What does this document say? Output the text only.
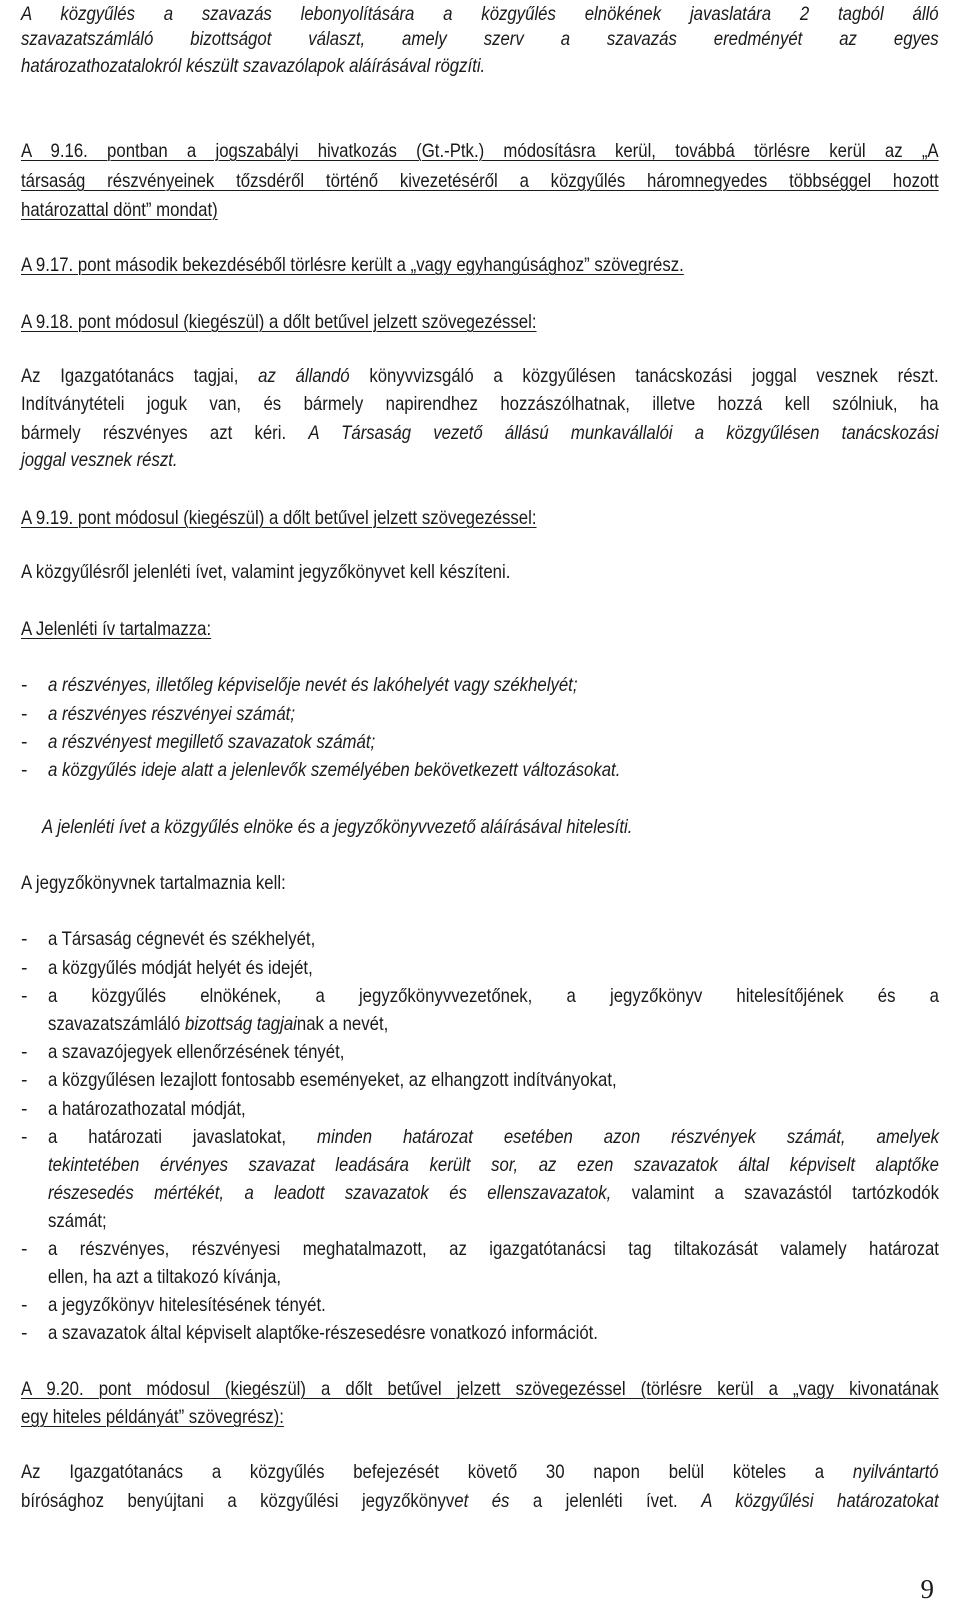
A közgyűlés a szavazás lebonyolítására a közgyűlés elnökének javaslatára 2 tagból álló
szavazatszámláló bizottságot választ, amely szerv a szavazás eredményét az egyes
határozathozatalokról készült szavazólapok aláírásával rögzíti.
A 9.16. pontban a jogszabályi hivatkozás (Gt.-Ptk.) módosításra kerül, továbbá törlésre kerül az „A
társaság részvényeinek tőzsdéről történő kivezetéséről a közgyűlés háromnegyedes többséggel hozott
határozattal dönt” mondat)
A 9.17. pont második bekezdéséből törlésre került a „vagy egyhangúsághoz” szövegrész.
A 9.18. pont módosul (kiegészül) a dőlt betűvel jelzett szövegezéssel:
Az Igazgatótanács tagjai, az állandó könyvvizsgáló a közgyűlésen tanácskozási joggal vesznek részt.
Indítványtételi joguk van, és bármely napirendhez hozzászólhatnak, illetve hozzá kell szólniuk, ha
bármely részvényes azt kéri. A Társaság vezető állású munkavállalói a közgyűlésen tanácskozási
joggal vesznek részt.
A 9.19. pont módosul (kiegészül) a dőlt betűvel jelzett szövegezéssel:
A közgyűlésről jelenléti ívet, valamint jegyzőkönyvet kell készíteni.
A Jelenléti ív tartalmazza:
- a részvényes, illetőleg képviselője nevét és lakóhelyét vagy székhelyét;
- a részvényes részvényei számát;
- a részvényest megillető szavazatok számát;
- a közgyűlés ideje alatt a jelenlevők személyében bekövetkezett változásokat.
A jelenléti ívet a közgyűlés elnöke és a jegyzőkönyvvezető aláírásával hitelesíti.
A jegyzőkönyvnek tartalmaznia kell:
- a Társaság cégnevét és székhelyét,
- a közgyűlés módját helyét és idejét,
- a közgyűlés elnökének, a jegyzőkönyvvezetőnek, a jegyzőkönyv hitelesítőjének és a
szavazatszámláló bizottság tagjainak a nevét,
- a szavazójegyek ellenőrzésének tényét,
- a közgyűlésen lezajlott fontosabb eseményeket, az elhangzott indítványokat,
- a határozathozatal módját,
- a határozati javaslatokat, minden határozat esetében azon részvények számát, amelyek
tekintetében érvényes szavazat leadására került sor, az ezen szavazatok által képviselt alaptőke
részesedés mértékét, a leadott szavazatok és ellenszavazatok, valamint a szavazástól tartózkodók
számát;
- a részvényes, részvényesi meghatalmazott, az igazgatótanácsi tag tiltakozását valamely határozat
ellen, ha azt a tiltakozó kívánja,
- a jegyzőkönyv hitelesítésének tényét.
- a szavazatok által képviselt alaptőke-részesedésre vonatkozó információt.
A 9.20. pont módosul (kiegészül) a dőlt betűvel jelzett szövegezéssel (törlésre kerül a „vagy kivonatának
egy hiteles példányát” szövegrész):
Az Igazgatótanács a közgyűlés befejezését követő 30 napon belül köteles a nyilvántartó
bírósághoz benyújtani a közgyűlési jegyzőkönyvet és a jelenléti ívet. A közgyűlési határozatokat
9
